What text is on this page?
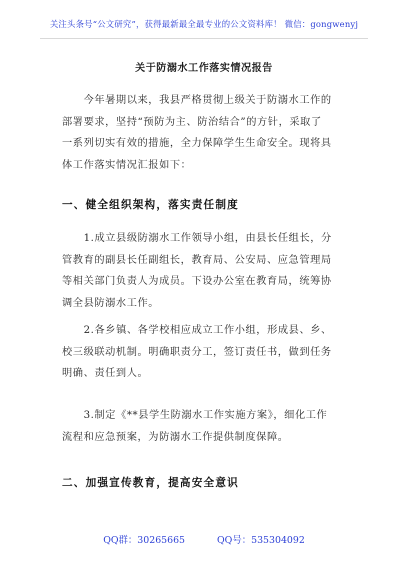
关注头条号“公文研究”，获得最新最全最专业的公文资料库！ 微信：gongwenyj
关于防溺水工作落实情况报告
　　今年暑期以来，我县严格贯彻上级关于防溺水工作的
部署要求，坚持“预防为主、防治结合”的方针，采取了
一系列切实有效的措施，全力保障学生生命安全。现将具
体工作落实情况汇报如下：
一、健全组织架构，落实责任制度
　　1.成立县级防溺水工作领导小组，由县长任组长，分
管教育的副县长任副组长，教育局、公安局、应急管理局
等相关部门负责人为成员。下设办公室在教育局，统筹协
调全县防溺水工作。
　　2.各乡镇、各学校相应成立工作小组，形成县、乡、
校三级联动机制。明确职责分工，签订责任书，做到任务
明确、责任到人。
　　3.制定《**县学生防溺水工作实施方案》，细化工作
流程和应急预案，为防溺水工作提供制度保障。
二、加强宣传教育，提高安全意识
QQ群：30265665	QQ号：535304092
